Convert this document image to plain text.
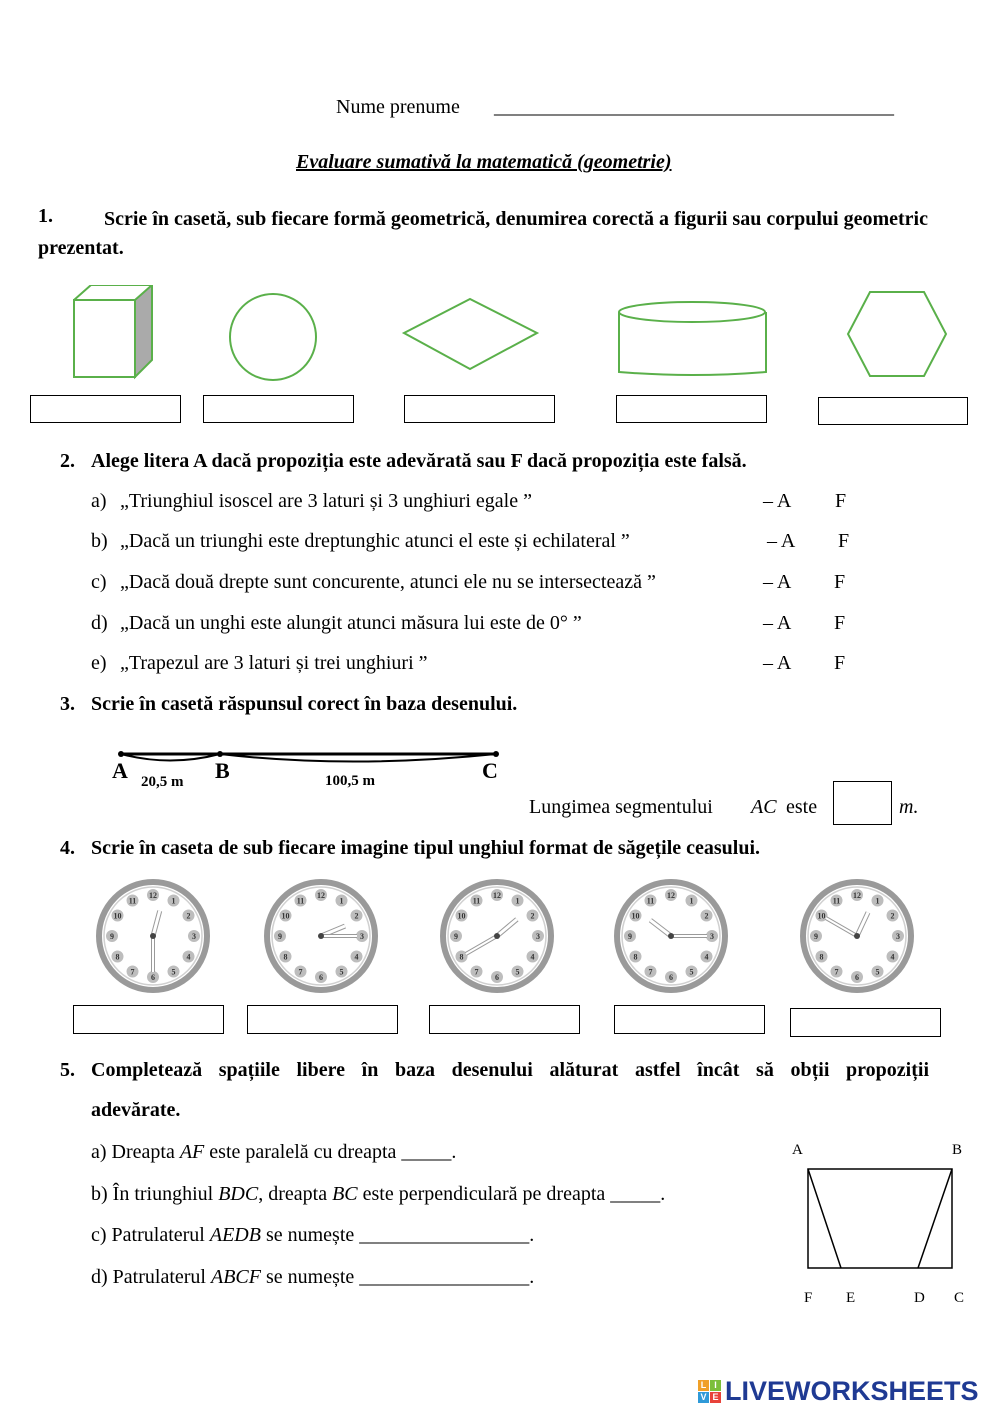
Nume prenume ________________________________________
Evaluare sumativă la matematică (geometrie)
1.	Scrie în casetă, sub fiecare formă geometrică, denumirea corectă a figurii sau corpului geometric prezentat.
2. Alege litera A dacă propoziția este adevărată sau F dacă propoziția este falsă.
a) „Triunghiul isoscel are 3 laturi și 3 unghiuri egale ”	– A F
b) „Dacă un triunghi este dreptunghic atunci el este și echilateral ”	– A F
c) „Dacă două drepte sunt concurente, atunci ele nu se intersectează ”	– A F
d) „Dacă un unghi este alungit atunci măsura lui este de 0° ”	– A F
e) „Trapezul are 3 laturi și trei unghiuri ”	– A F
3. Scrie în casetă răspunsul corect în baza desenului.
A	B	C
20,5 m	100,5 m
Lungimea segmentului AC este	m.
4. Scrie în caseta de sub fiecare imagine tipul unghiul format de săgețile ceasului.
12
1
2
3
4
5
6
7
8
9
10
11
12
1
2
3
4
5
6
7
8
9
10
11
12
1
2
3
4
5
6
7
8
9
10
11
12
1
2
3
4
5
6
7
8
9
10
11
12
1
2
3
4
5
6
7
8
9
10
11
5. Completează spațiile libere în baza desenului alăturat astfel încât să obții propoziții
adevărate.
a) Dreapta AF este paralelă cu dreapta _____.
b) În triunghiul BDC, dreapta BC este perpendiculară pe dreapta _____.
c) Patrulaterul AEDB se numește _________________.
d) Patrulaterul ABCF se numește _________________.
A	B
F E	D C
L I
V E LIVEWORKSHEETS
